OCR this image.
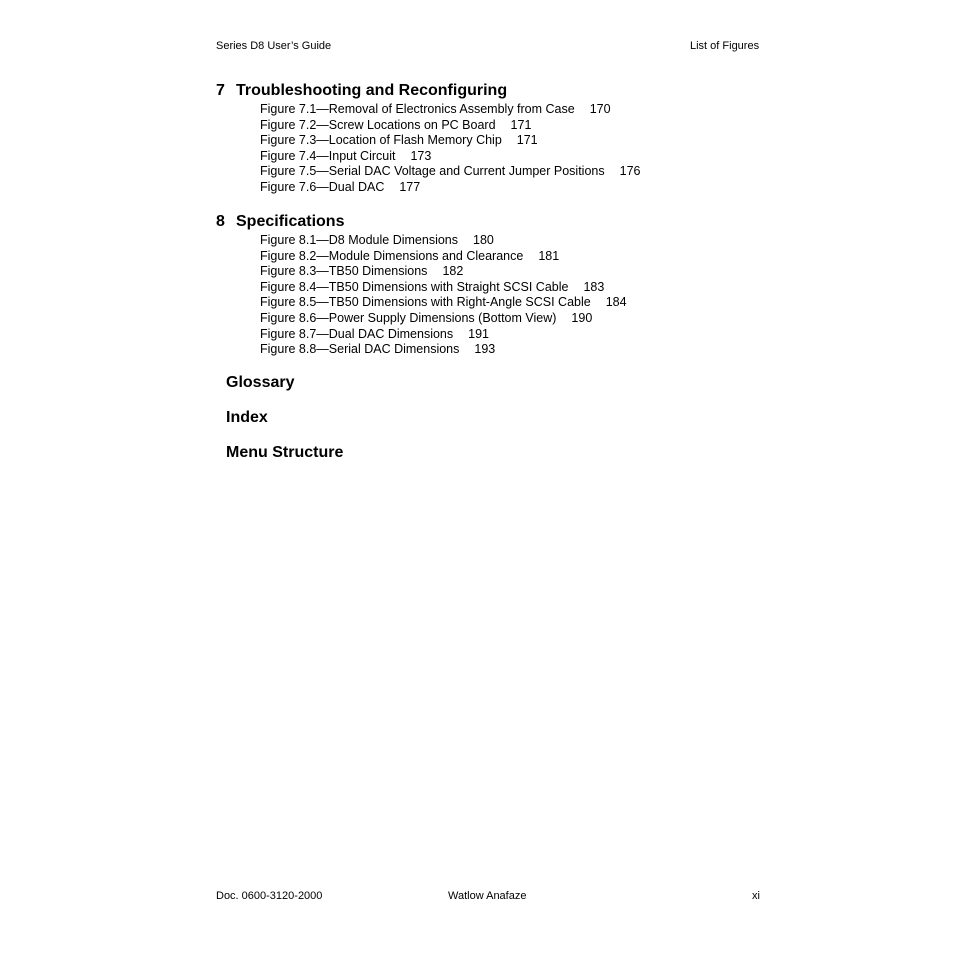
Series D8 User’s Guide	List of Figures
7 Troubleshooting and Reconfiguring
Figure 7.1—Removal of Electronics Assembly from Case 170
Figure 7.2—Screw Locations on PC Board 171
Figure 7.3—Location of Flash Memory Chip 171
Figure 7.4—Input Circuit 173
Figure 7.5—Serial DAC Voltage and Current Jumper Positions 176
Figure 7.6—Dual DAC 177
8 Specifications
Figure 8.1—D8 Module Dimensions 180
Figure 8.2—Module Dimensions and Clearance 181
Figure 8.3—TB50 Dimensions 182
Figure 8.4—TB50 Dimensions with Straight SCSI Cable 183
Figure 8.5—TB50 Dimensions with Right-Angle SCSI Cable 184
Figure 8.6—Power Supply Dimensions (Bottom View) 190
Figure 8.7—Dual DAC Dimensions 191
Figure 8.8—Serial DAC Dimensions 193
Glossary
Index
Menu Structure
Doc. 0600-3120-2000	Watlow Anafaze	xi
